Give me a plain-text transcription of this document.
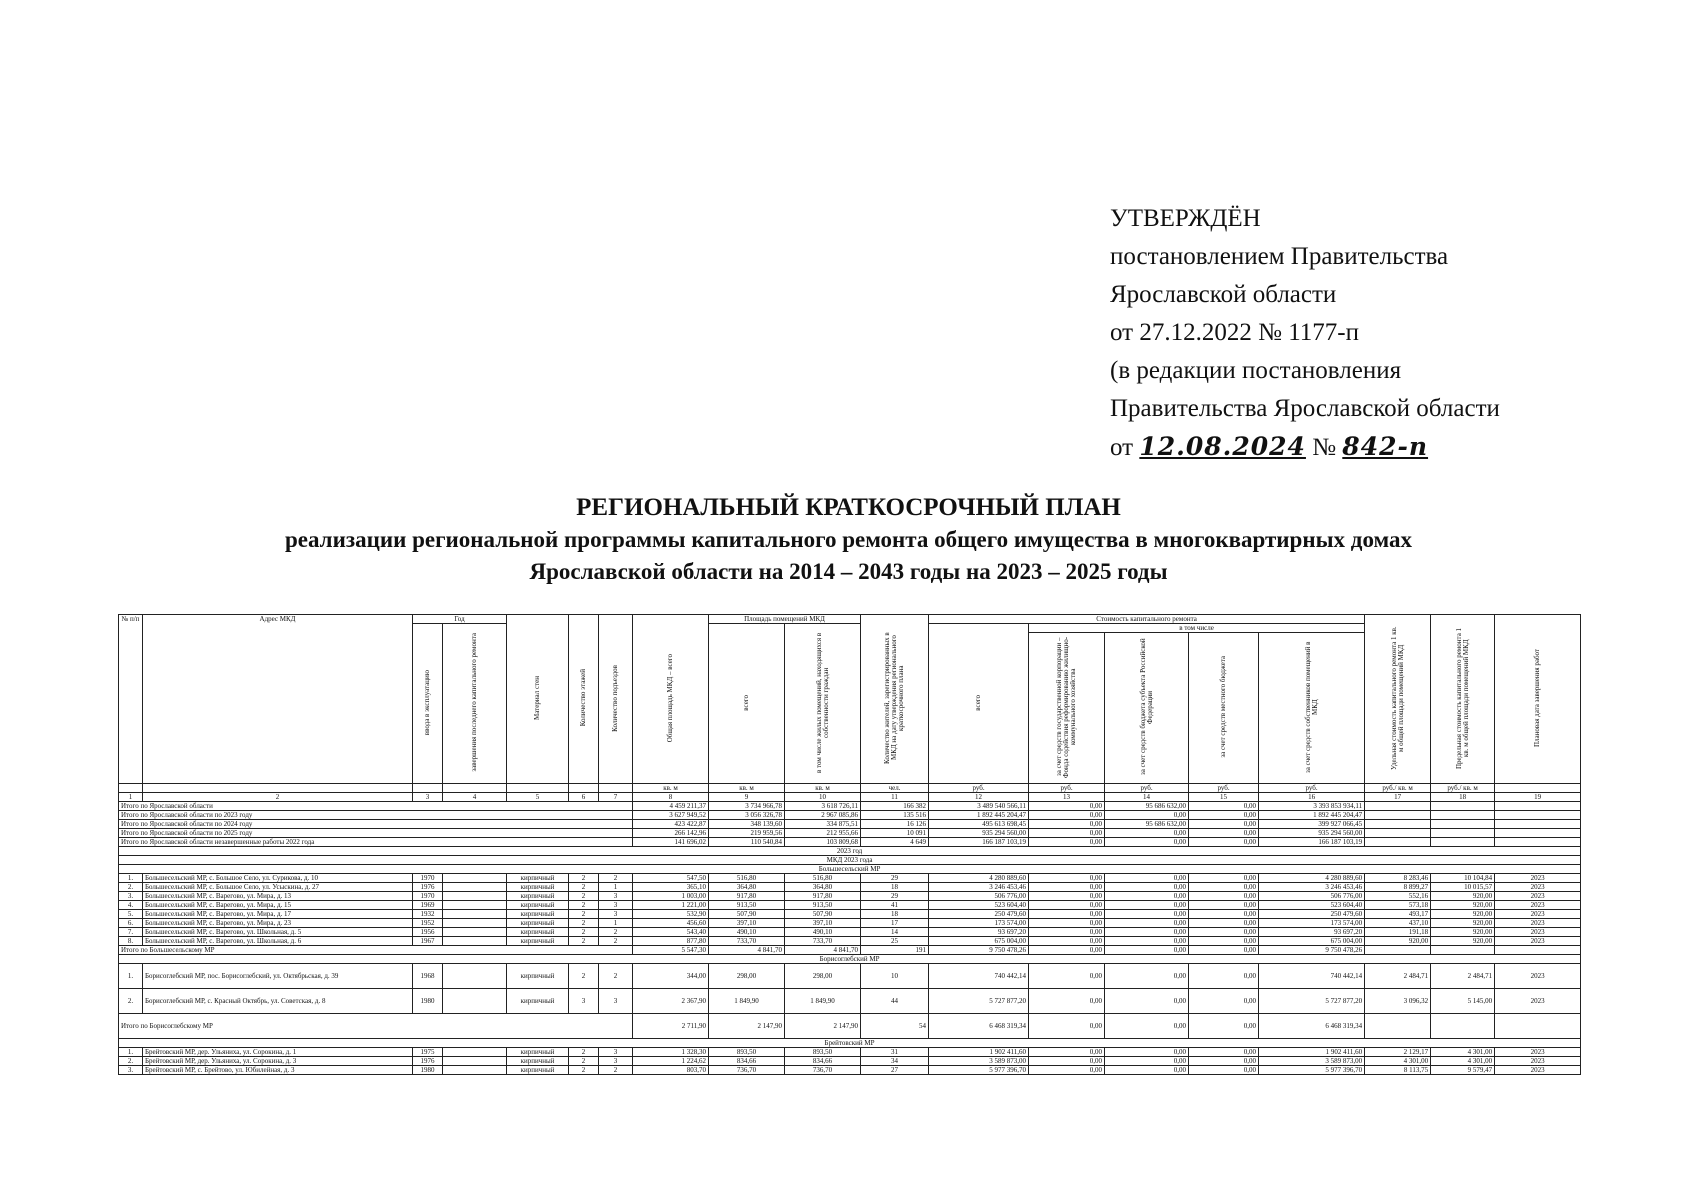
УТВЕРЖДЁН
постановлением Правительства
Ярославской области
от 27.12.2022 № 1177-п
(в редакции постановления
Правительства Ярославской области
от 12.08.2024 № 842-п
РЕГИОНАЛЬНЫЙ КРАТКОСРОЧНЫЙ ПЛАН
реализации региональной программы капитального ремонта общего имущества в многоквартирных домах
Ярославской области на 2014 – 2043 годы на 2023 – 2025 годы
№ п/п	Адрес МКД	Год		Материал стен	Количество этажей	Количество подъездов	Общая площадь МКД – всего	Площадь помещений МКД		Количество жителей, зарегистрированных в МКД на дату утверждения регионального краткосрочного плана	Стоимость капитального ремонта					Удельная стоимость капитального ремонта 1 кв. м общей площади помещений МКД	Предельная стоимость капитального ремонта 1 кв. м общей площади помещений МКД	Плановая дата завершения работ
		ввода в эксплуатацию	завершения последнего капитального ремонта					всего	в том числе жилых помещений, находящихся в собственности граждан		всего	в том числе						
												за счет средств государственной корпорации – Фонда содействия реформированию жилищно-коммунального хозяйства	за счет средств бюджета субъекта Российской Федерации	за счет средств местного бюджета	за счет средств собственников помещений в МКД			
							кв. м	кв. м	кв. м	чел.	руб.	руб.	руб.	руб.	руб.	руб./ кв. м	руб./ кв. м	
1	2	3	4	5	6	7	8	9	10	11	12	13	14	15	16	17	18	19
Итого по Ярославской области							4 459 211,37	3 734 966,78	3 618 726,11	166 382	3 489 540 566,11	0,00	95 686 632,00	0,00	3 393 853 934,11			
Итого по Ярославской области по 2023 году							3 627 949,52	3 056 326,78	2 967 085,86	135 516	1 892 445 204,47	0,00	0,00	0,00	1 892 445 204,47			
Итого по Ярославской области по 2024 году							423 422,87	348 139,60	334 875,51	16 126	495 613 698,45	0,00	95 686 632,00	0,00	399 927 066,45			
Итого по Ярославской области по 2025 году							266 142,96	219 959,56	212 955,66	10 091	935 294 560,00	0,00	0,00	0,00	935 294 560,00			
Итого по Ярославской области незавершенные работы 2022 года							141 696,02	110 540,84	103 809,68	4 649	166 187 103,19	0,00	0,00	0,00	166 187 103,19			
2023 год																		
МКД 2023 года																		
Большесельский МР																		
1.	Большесельский МР, с. Большое Село, ул. Сурикова, д. 10	1970		кирпичный	2	2	547,50	516,80	516,80	29	4 280 889,60	0,00	0,00	0,00	4 280 889,60	8 283,46	10 104,84	2023
2.	Большесельский МР, с. Большое Село, ул. Усыскина, д. 27	1976		кирпичный	2	1	365,10	364,80	364,80	18	3 246 453,46	0,00	0,00	0,00	3 246 453,46	8 899,27	10 015,57	2023
3.	Большесельский МР, с. Варегово, ул. Мира, д. 13	1970		кирпичный	2	3	1 003,00	917,80	917,80	29	506 776,00	0,00	0,00	0,00	506 776,00	552,16	920,00	2023
4.	Большесельский МР, с. Варегово, ул. Мира, д. 15	1969		кирпичный	2	3	1 221,00	913,50	913,50	41	523 604,40	0,00	0,00	0,00	523 604,40	573,18	920,00	2023
5.	Большесельский МР, с. Варегово, ул. Мира, д. 17	1932		кирпичный	2	3	532,90	507,90	507,90	18	250 479,60	0,00	0,00	0,00	250 479,60	493,17	920,00	2023
6.	Большесельский МР, с. Варегово, ул. Мира, д. 23	1952		кирпичный	2	1	456,60	397,10	397,10	17	173 574,00	0,00	0,00	0,00	173 574,00	437,10	920,00	2023
7.	Большесельский МР, с. Варегово, ул. Школьная, д. 5	1956		кирпичный	2	2	543,40	490,10	490,10	14	93 697,20	0,00	0,00	0,00	93 697,20	191,18	920,00	2023
8.	Большесельский МР, с. Варегово, ул. Школьная, д. 6	1967		кирпичный	2	2	877,80	733,70	733,70	25	675 004,00	0,00	0,00	0,00	675 004,00	920,00	920,00	2023
Итого по Большесельскому МР							5 547,30	4 841,70	4 841,70	191	9 750 478,26	0,00	0,00	0,00	9 750 478,26			
Борисоглебский МР																		
1.	Борисоглебский МР, пос. Борисоглебский, ул. Октябрьская, д. 39	1968		кирпичный	2	2	344,00	298,00	298,00	10	740 442,14	0,00	0,00	0,00	740 442,14	2 484,71	2 484,71	2023
2.	Борисоглебский МР, с. Красный Октябрь, ул. Советская, д. 8	1980		кирпичный	3	3	2 367,90	1 849,90	1 849,90	44	5 727 877,20	0,00	0,00	0,00	5 727 877,20	3 096,32	5 145,00	2023
Итого по Борисоглебскому МР							2 711,90	2 147,90	2 147,90	54	6 468 319,34	0,00	0,00	0,00	6 468 319,34			
Брейтовский МР																		
1.	Брейтовский МР, дер. Ульяниха, ул. Сорокина, д. 1	1975		кирпичный	2	3	1 328,30	893,50	893,50	31	1 902 411,60	0,00	0,00	0,00	1 902 411,60	2 129,17	4 301,00	2023
2.	Брейтовский МР, дер. Ульяниха, ул. Сорокина, д. 3	1976		кирпичный	2	3	1 224,62	834,66	834,66	34	3 589 873,00	0,00	0,00	0,00	3 589 873,00	4 301,00	4 301,00	2023
3.	Брейтовский МР, с. Брейтово, ул. Юбилейная, д. 3	1980		кирпичный	2	2	803,70	736,70	736,70	27	5 977 396,70	0,00	0,00	0,00	5 977 396,70	8 113,75	9 579,47	2023
